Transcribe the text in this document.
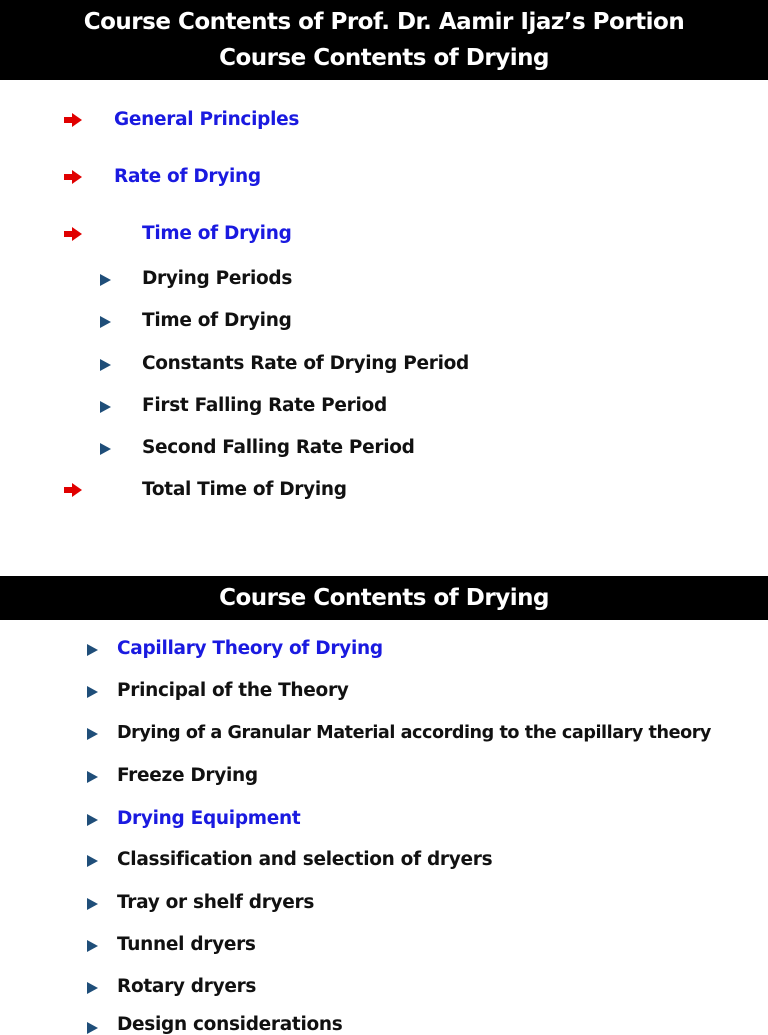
Course Contents of Prof. Dr. Aamir Ijaz’s Portion
Course Contents of Drying
General Principles
Rate of Drying
Time of Drying
Drying Periods
Time of Drying
Constants Rate of Drying Period
First Falling Rate Period
Second Falling Rate Period
Total Time of Drying
Course Contents of Drying
Capillary Theory of Drying
Principal of the Theory
Drying of a Granular Material according to the capillary theory
Freeze Drying
Drying Equipment
Classification and selection of dryers
Tray or shelf dryers
Tunnel dryers
Rotary dryers
Design considerations
